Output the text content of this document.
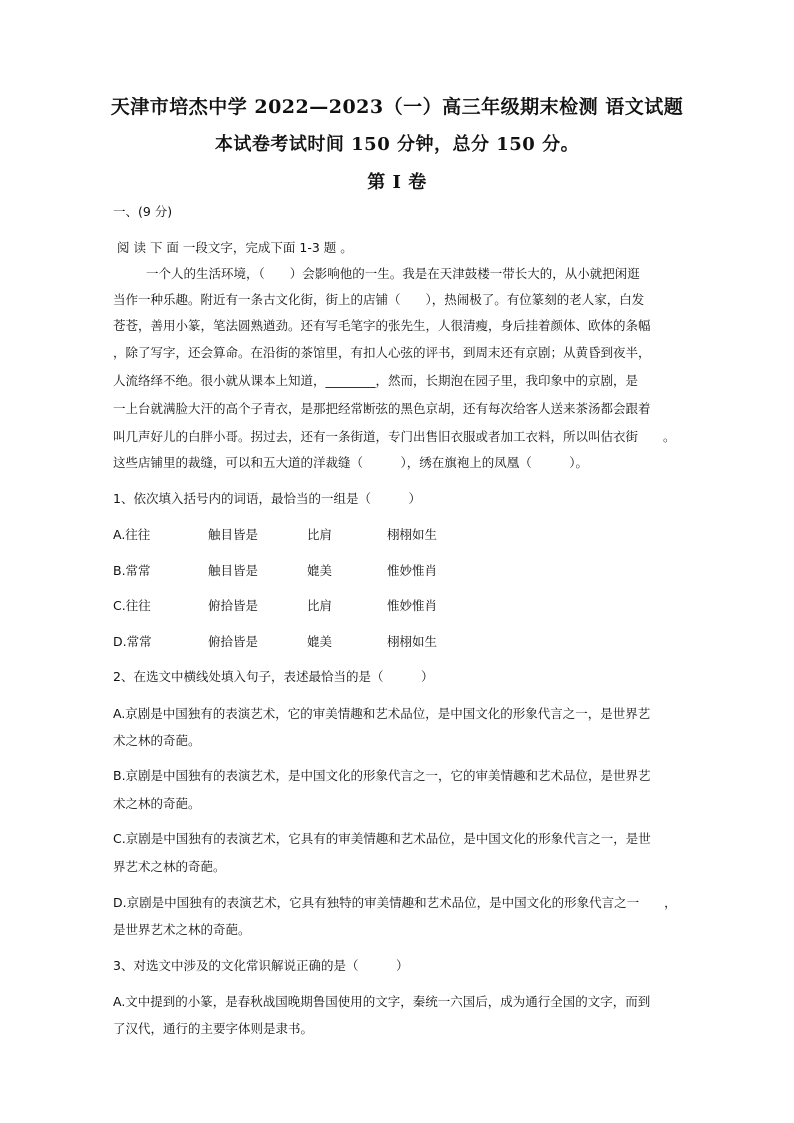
天津市培杰中学 2022—2023（一）高三年级期末检测 语文试题
本试卷考试时间 150 分钟，总分 150 分。
第 I 卷
一、(9 分)
阅 读 下 面 一段文字，完成下面 1-3 题 。
一个人的生活环境，（　　）会影响他的一生。我是在天津鼓楼一带长大的，从小就把闲逛
当作一种乐趣。附近有一条古文化街，街上的店铺（　　），热闹极了。有位篆刻的老人家，白发
苍苍，善用小篆，笔法圆熟遒劲。还有写毛笔字的张先生，人很清瘦，身后挂着颜体、欧体的条幅
，除了写字，还会算命。在沿街的茶馆里，有扣人心弦的评书，到周末还有京剧；从黄昏到夜半，
人流络绎不绝。很小就从课本上知道，________，然而，长期泡在园子里，我印象中的京剧，是
一上台就满脸大汗的高个子青衣，是那把经常断弦的黑色京胡，还有每次给客人送来茶汤都会跟着
叫几声好儿的白胖小哥。拐过去，还有一条街道，专门出售旧衣服或者加工衣料，所以叫估衣街　　。
这些店铺里的裁缝，可以和五大道的洋裁缝（　　　），绣在旗袍上的凤凰（　　　）。
1、依次填入括号内的词语，最恰当的一组是（　　　）
A.往往	触目皆是	比肩	栩栩如生
B.常常	触目皆是	媲美	惟妙惟肖
C.往往	俯拾皆是	比肩	惟妙惟肖
D.常常	俯拾皆是	媲美	栩栩如生
2、在选文中横线处填入句子，表述最恰当的是（　　　）
A.京剧是中国独有的表演艺术，它的审美情趣和艺术品位，是中国文化的形象代言之一，是世界艺
术之林的奇葩。
B.京剧是中国独有的表演艺术，是中国文化的形象代言之一，它的审美情趣和艺术品位，是世界艺
术之林的奇葩。
C.京剧是中国独有的表演艺术，它具有的审美情趣和艺术品位，是中国文化的形象代言之一，是世
界艺术之林的奇葩。
D.京剧是中国独有的表演艺术，它具有独特的审美情趣和艺术品位，是中国文化的形象代言之一　　，
是世界艺术之林的奇葩。
3、对选文中涉及的文化常识解说正确的是（　　　）
A.文中提到的小篆，是春秋战国晚期鲁国使用的文字，秦统一六国后，成为通行全国的文字，而到
了汉代，通行的主要字体则是隶书。
